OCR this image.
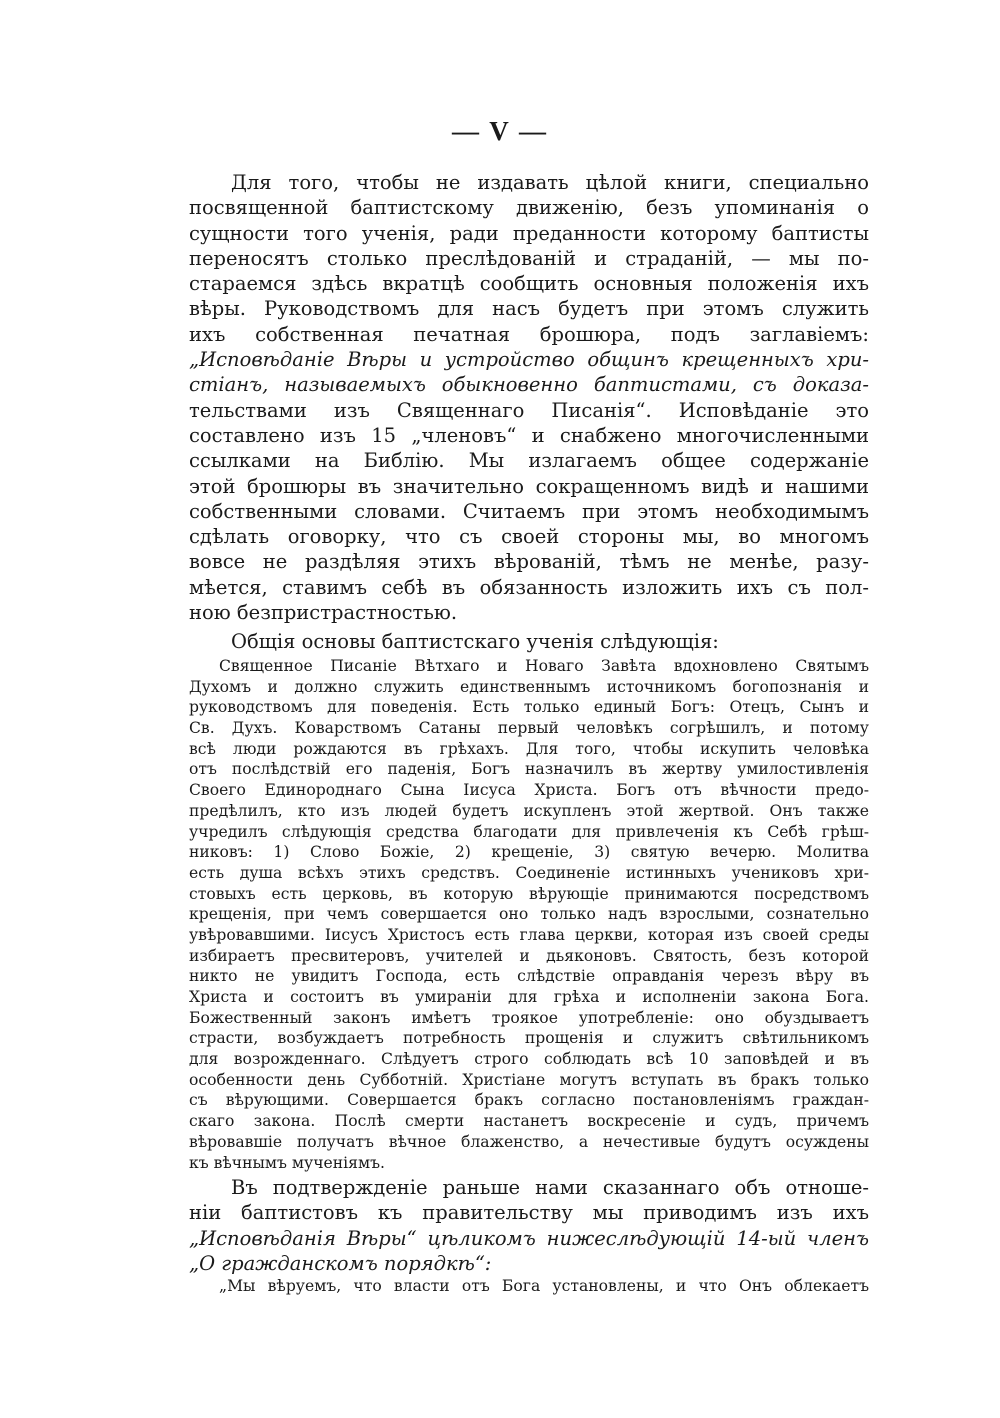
— V —
Для того, чтобы не издавать цѣлой книги, специально
посвященной баптистскому движенію, безъ упоминанія о
сущности того ученія, ради преданности которому баптисты
переносятъ столько преслѣдованій и страданій, — мы по-
стараемся здѣсь вкратцѣ сообщить основныя положенія ихъ
вѣры. Руководствомъ для насъ будетъ при этомъ служить
ихъ собственная печатная брошюра, подъ заглавіемъ:
„Исповѣданіе Вѣры и устройство общинъ крещенныхъ хри-
стіанъ, называемыхъ обыкновенно баптистами, съ доказа-
тельствами изъ Священнаго Писанія“. Исповѣданіе это
составлено изъ 15 „членовъ“ и снабжено многочисленными
ссылками на Библію. Мы излагаемъ общее содержаніе
этой брошюры въ значительно сокращенномъ видѣ и нашими
собственными словами. Считаемъ при этомъ необходимымъ
сдѣлать оговорку, что съ своей стороны мы, во многомъ
вовсе не раздѣляя этихъ вѣрованій, тѣмъ не менѣе, разу-
мѣется, ставимъ себѣ въ обязанность изложить ихъ съ пол-
ною безпристрастностью.
Общія основы баптистскаго ученія слѣдующія:
Священное Писаніе Вѣтхаго и Новаго Завѣта вдохновлено Святымъ
Духомъ и должно служить единственнымъ источникомъ богопознанія и
руководствомъ для поведенія. Есть только единый Богъ: Отецъ, Сынъ и
Св. Духъ. Коварствомъ Сатаны первый человѣкъ согрѣшилъ, и потому
всѣ люди рождаются въ грѣхахъ. Для того, чтобы искупить человѣка
отъ послѣдствій его паденія, Богъ назначилъ въ жертву умилостивленія
Своего Единороднаго Сына Іисуса Христа. Богъ отъ вѣчности предо-
предѣлилъ, кто изъ людей будетъ искупленъ этой жертвой. Онъ также
учредилъ слѣдующія средства благодати для привлеченія къ Себѣ грѣш-
никовъ: 1) Слово Божіе, 2) крещеніе, 3) святую вечерю. Молитва
есть душа всѣхъ этихъ средствъ. Соединеніе истинныхъ учениковъ хри-
стовыхъ есть церковь, въ которую вѣрующіе принимаются посредствомъ
крещенія, при чемъ совершается оно только надъ взрослыми, сознательно
увѣровавшими. Іисусъ Христосъ есть глава церкви, которая изъ своей среды
избираетъ пресвитеровъ, учителей и дьяконовъ. Святость, безъ которой
никто не увидитъ Господа, есть слѣдствіе оправданія черезъ вѣру въ
Христа и состоитъ въ умираніи для грѣха и исполненіи закона Бога.
Божественный законъ имѣетъ троякое употребленіе: оно обуздываетъ
страсти, возбуждаетъ потребность прощенія и служитъ свѣтильникомъ
для возрожденнаго. Слѣдуетъ строго соблюдать всѣ 10 заповѣдей и въ
особенности день Субботній. Христіане могутъ вступать въ бракъ только
съ вѣрующими. Совершается бракъ согласно постановленіямъ граждан-
скаго закона. Послѣ смерти настанетъ воскресеніе и судъ, причемъ
вѣровавшіе получатъ вѣчное блаженство, а нечестивые будутъ осуждены
къ вѣчнымъ мученіямъ.
Въ подтвержденіе раньше нами сказаннаго объ отноше-
ніи баптистовъ къ правительству мы приводимъ изъ ихъ
„Исповѣданія Вѣры“ цѣликомъ нижеслѣдующій 14-ый членъ
„О гражданскомъ порядкѣ“:
„Мы вѣруемъ, что власти отъ Бога установлены, и что Онъ облекаетъ
